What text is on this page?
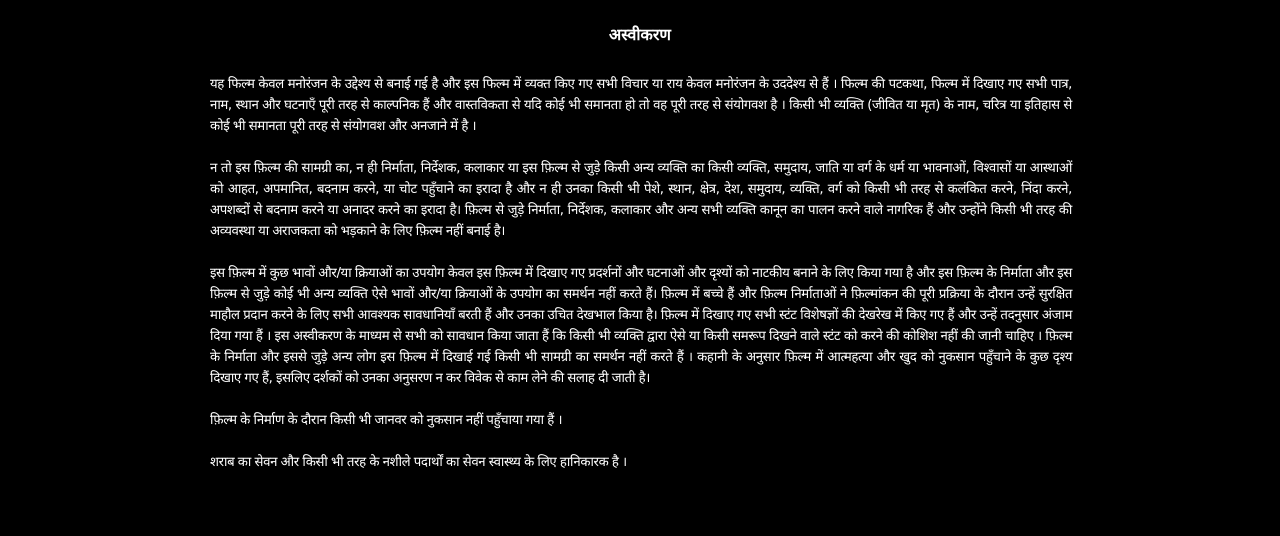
अस्वीकरण

यह फिल्म केवल मनोरंजन के उद्देश्य से बनाई गई है और इस फिल्म में व्यक्त किए गए सभी विचार या राय केवल मनोरंजन के उददेश्य से हैं । फिल्म की पटकथा, फिल्म में दिखाए गए सभी पात्र, नाम, स्थान और घटनाएँ पूरी तरह से काल्पनिक हैं और वास्तविकता से यदि कोई भी समानता हो तो वह पूरी तरह से संयोगवश है । किसी भी व्यक्ति (जीवित या मृत) के नाम, चरित्र या इतिहास से कोई भी समानता पूरी तरह से संयोगवश और अनजाने में है ।

न तो इस फ़िल्म की सामग्री का, न ही निर्माता, निर्देशक, कलाकार या इस फ़िल्म से जुड़े किसी अन्य व्यक्ति का किसी व्यक्ति, समुदाय, जाति या वर्ग के धर्म या भावनाओं, विश्वासों या आस्थाओं को आहत, अपमानित, बदनाम करने, या चोट पहुँचाने का इरादा है और न ही उनका किसी भी पेशे, स्थान, क्षेत्र, देश, समुदाय, व्यक्ति, वर्ग को किसी भी तरह से कलंकित करने, निंदा करने, अपशब्दों से बदनाम करने या अनादर करने का इरादा है। फ़िल्म से जुड़े निर्माता, निर्देशक, कलाकार और अन्य सभी व्यक्ति कानून का पालन करने वाले नागरिक हैं और उन्होंने किसी भी तरह की अव्यवस्था या अराजकता को भड़काने के लिए फ़िल्म नहीं बनाई है।

इस फ़िल्म में कुछ भावों और/या क्रियाओं का उपयोग केवल इस फ़िल्म में दिखाए गए प्रदर्शनों और घटनाओं और दृश्यों को नाटकीय बनाने के लिए किया गया है और इस फ़िल्म के निर्माता और इस फ़िल्म से जुड़े कोई भी अन्य व्यक्ति ऐसे भावों और/या क्रियाओं के उपयोग का समर्थन नहीं करते हैं। फ़िल्म में बच्चे हैं और फ़िल्म निर्माताओं ने फ़िल्मांकन की पूरी प्रक्रिया के दौरान उन्हें सुरक्षित माहौल प्रदान करने के लिए सभी आवश्यक सावधानियाँ बरती हैं और उनका उचित देखभाल किया है। फ़िल्म में दिखाए गए सभी स्टंट विशेषज्ञों की देखरेख में किए गए हैं और उन्हें तदनुसार अंजाम दिया गया हैं । इस अस्वीकरण के माध्यम से सभी को सावधान किया जाता हैं कि किसी भी व्यक्ति द्वारा ऐसे या किसी समरूप दिखने वाले स्टंट को करने की कोशिश नहीं की जानी चाहिए । फ़िल्म के निर्माता और इससे जुड़े अन्य लोग इस फ़िल्म में दिखाई गई किसी भी सामग्री का समर्थन नहीं करते हैं । कहानी के अनुसार फ़िल्म में आत्महत्या और खुद को नुकसान पहुँचाने के कुछ दृश्य दिखाए गए हैं, इसलिए दर्शकों को उनका अनुसरण न कर विवेक से काम लेने की सलाह दी जाती है।

फ़िल्म के निर्माण के दौरान किसी भी जानवर को नुकसान नहीं पहुँचाया गया हैं ।

शराब का सेवन और किसी भी तरह के नशीले पदार्थों का सेवन स्वास्थ्य के लिए हानिकारक है ।
